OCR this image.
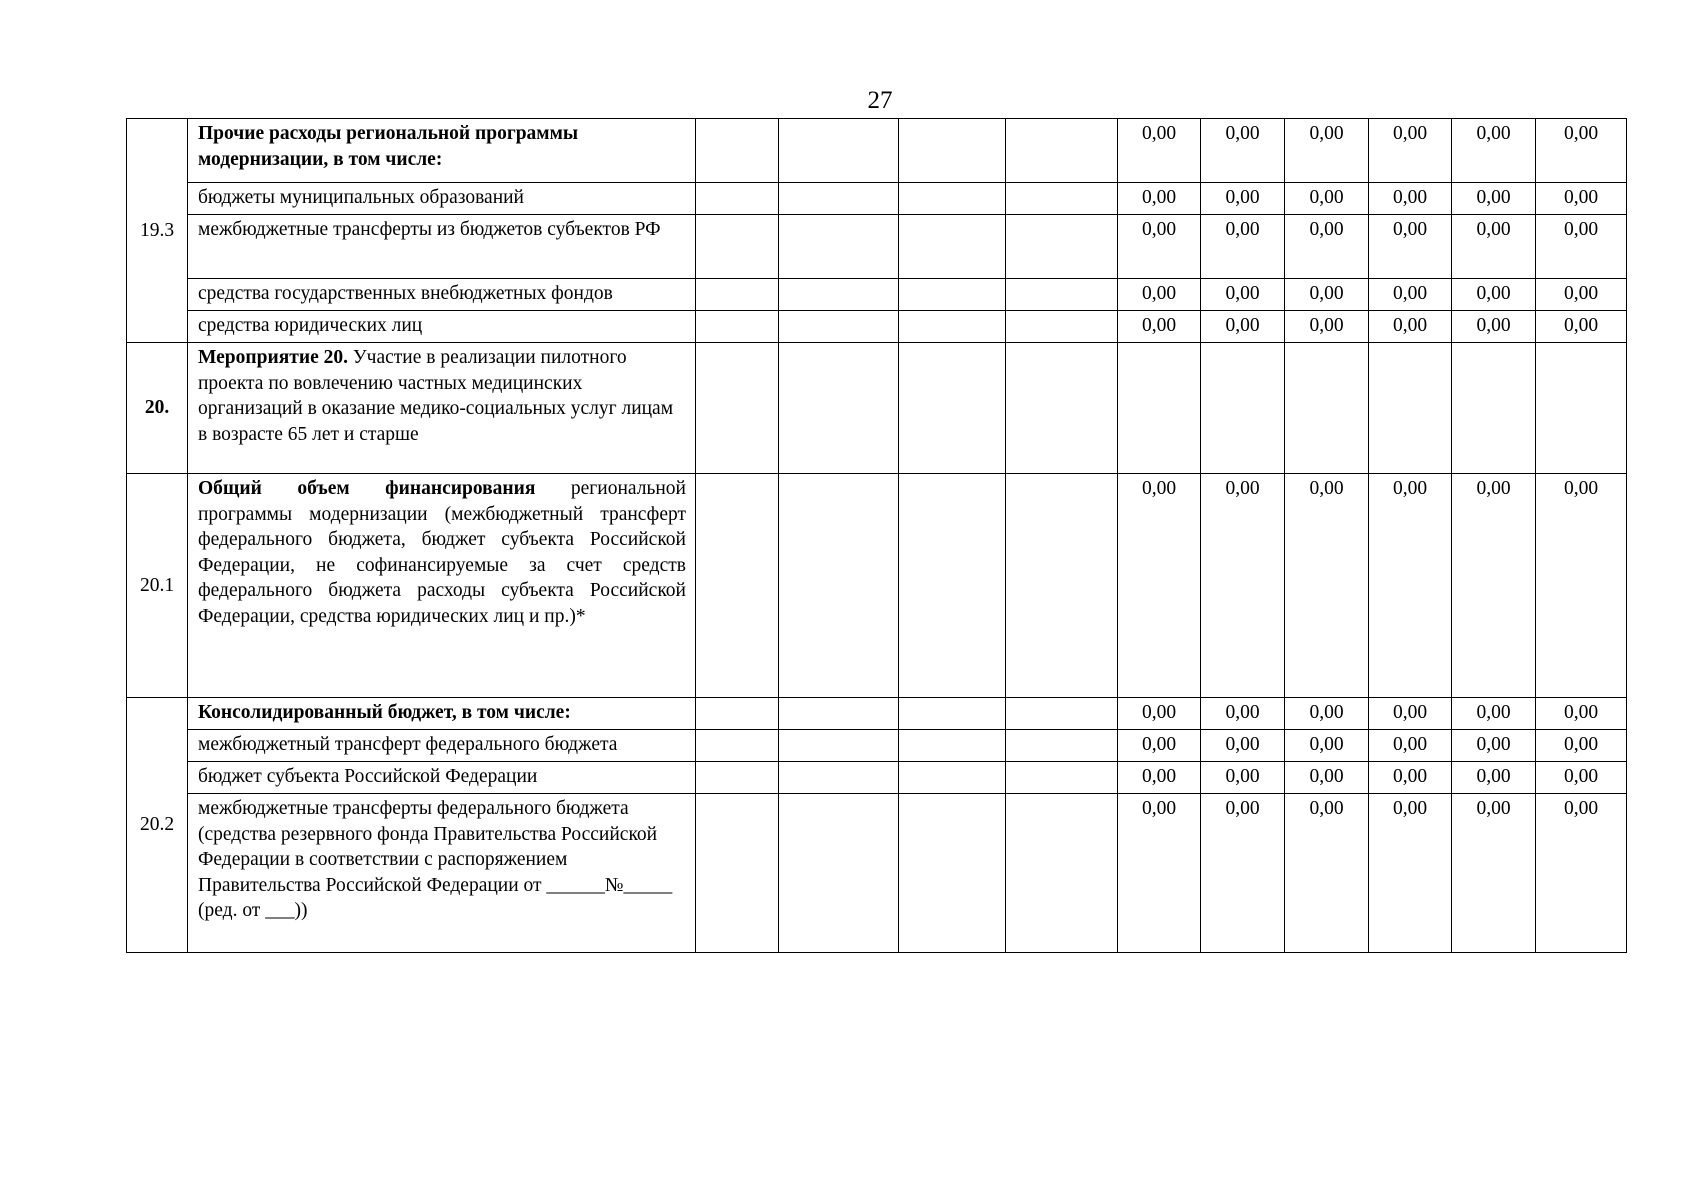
27
19.3	Прочие расходы региональной программы модернизации, в том числе:					0,00	0,00	0,00	0,00	0,00	0,00
	бюджеты муниципальных образований					0,00	0,00	0,00	0,00	0,00	0,00
	межбюджетные трансферты из бюджетов субъектов РФ					0,00	0,00	0,00	0,00	0,00	0,00
	средства государственных внебюджетных фондов					0,00	0,00	0,00	0,00	0,00	0,00
	средства юридических лиц					0,00	0,00	0,00	0,00	0,00	0,00
20.	Мероприятие 20. Участие в реализации пилотного проекта по вовлечению частных медицинских организаций в оказание медико-социальных услуг лицам в возрасте 65 лет и старше										
20.1	Общий объем финансирования региональной программы модернизации (межбюджетный трансферт федерального бюджета, бюджет субъекта Российской Федерации, не софинансируемые за счет средств федерального бюджета расходы субъекта Российской Федерации, средства юридических лиц и пр.)*					0,00	0,00	0,00	0,00	0,00	0,00
20.2	Консолидированный бюджет, в том числе:					0,00	0,00	0,00	0,00	0,00	0,00
	межбюджетный трансферт федерального бюджета					0,00	0,00	0,00	0,00	0,00	0,00
	бюджет субъекта Российской Федерации					0,00	0,00	0,00	0,00	0,00	0,00
	межбюджетные трансферты федерального бюджета (средства резервного фонда Правительства Российской Федерации в соответствии с распоряжением Правительства Российской Федерации от ______№_____ (ред. от ___))					0,00	0,00	0,00	0,00	0,00	0,00
